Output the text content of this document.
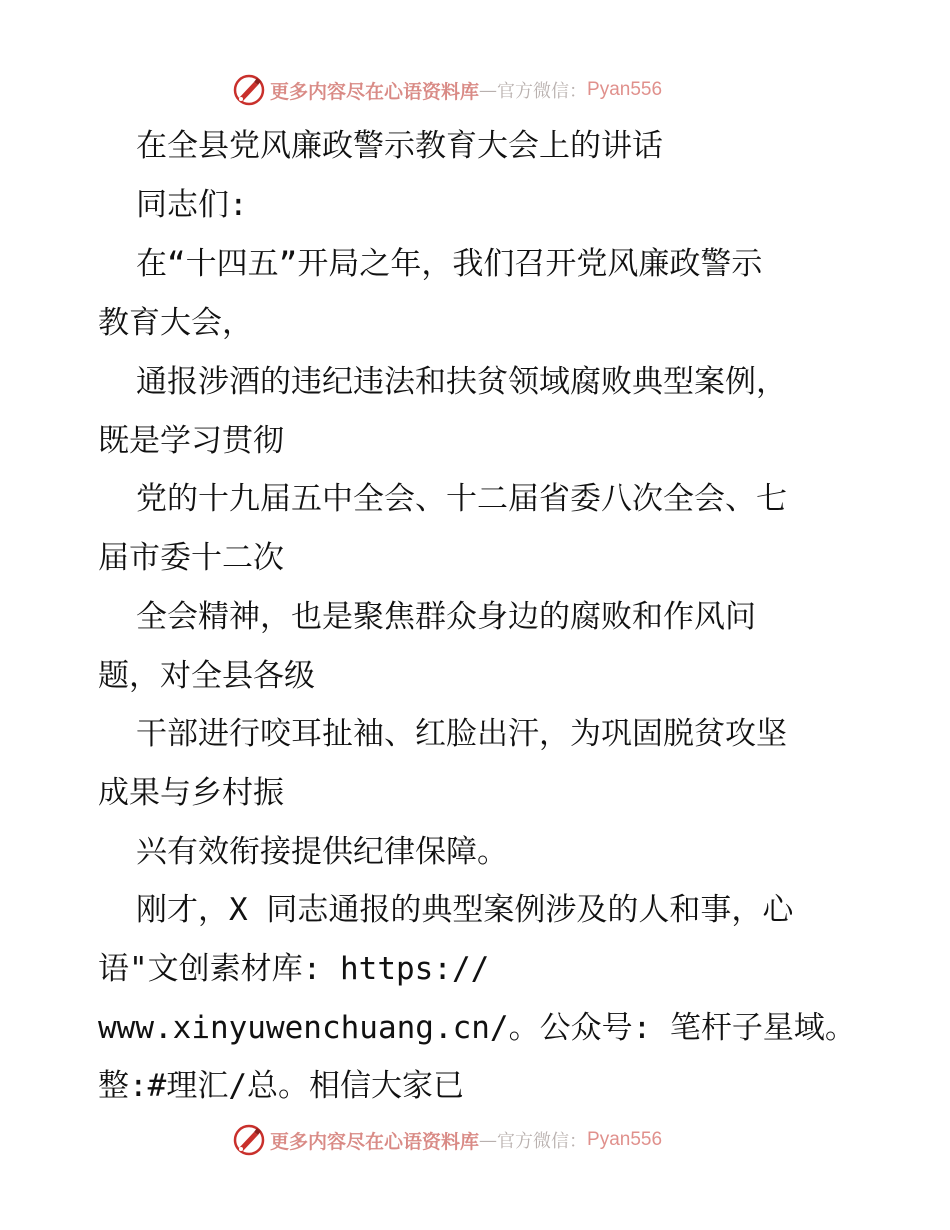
更多内容尽在心语资料库 — 官方微信： Pyan556

在全县党风廉政警示教育大会上的讲话

同志们:

在“十四五”开局之年，我们召开党风廉政警示

教育大会，

通报涉酒的违纪违法和扶贫领域腐败典型案例，

既是学习贯彻

党的十九届五中全会、十二届省委八次全会、七

届市委十二次

全会精神，也是聚焦群众身边的腐败和作风问

题，对全县各级

干部进行咬耳扯袖、红脸出汗，为巩固脱贫攻坚

成果与乡村振

兴有效衔接提供纪律保障。

刚才，X 同志通报的典型案例涉及的人和事，心

语"文创素材库: https://

www.xinyuwenchuang.cn/。公众号: 笔杆子星域。

整:#理汇/总。相信大家已

更多内容尽在心语资料库 — 官方微信： Pyan556
